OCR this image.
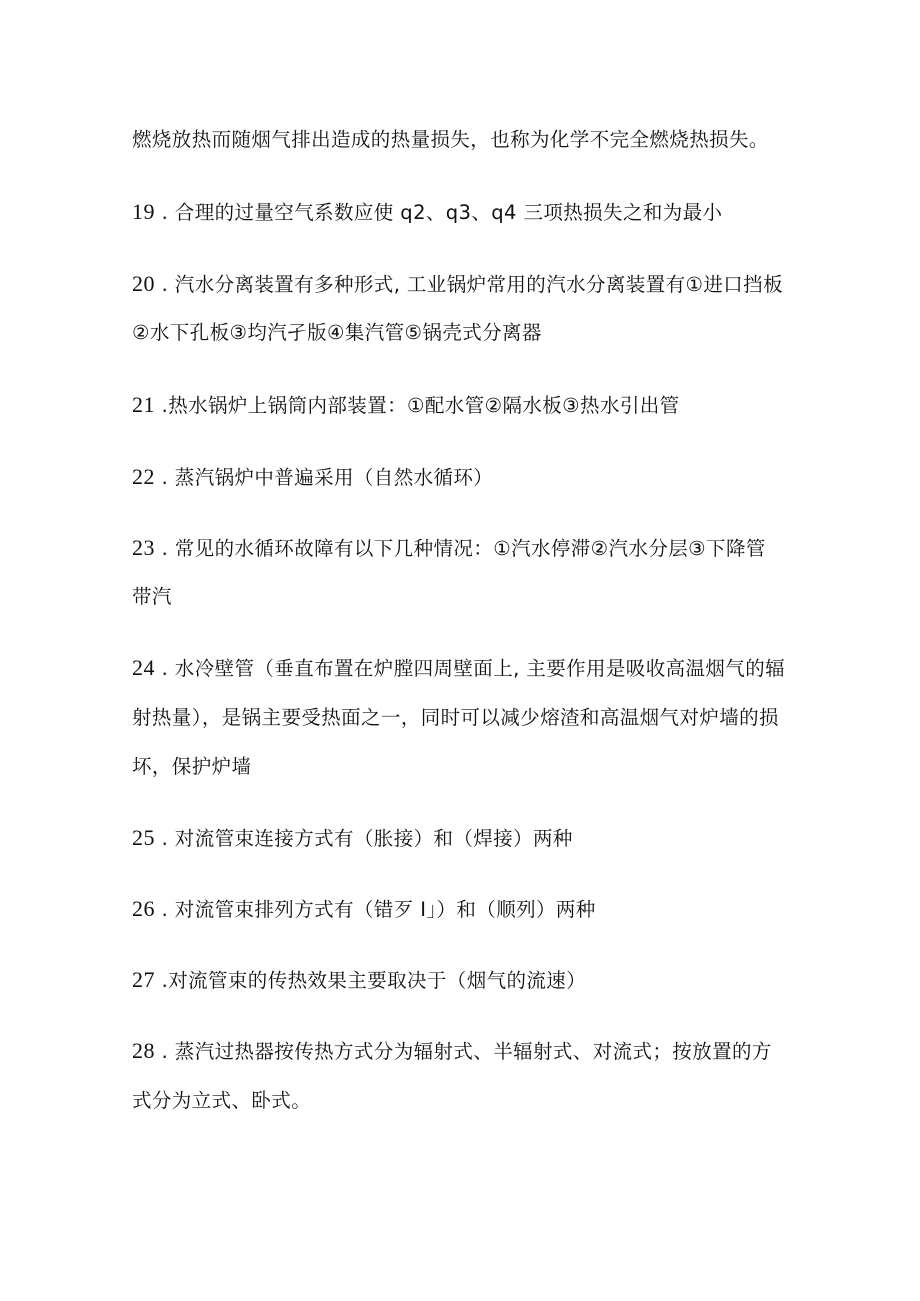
燃烧放热而随烟气排出造成的热量损失，也称为化学不完全燃烧热损失。
19 . 合理的过量空气系数应使 q2、q3、q4 三项热损失之和为最小
20 . 汽水分离装置有多种形式, 工业锅炉常用的汽水分离装置有①进口挡板
②水下孔板③均汽孑版④集汽管⑤锅壳式分离器
21 .热水锅炉上锅筒内部装置：①配水管②隔水板③热水引出管
22 . 蒸汽锅炉中普遍采用（自然水循环）
23 . 常见的水循环故障有以下几种情况：①汽水停滞②汽水分层③下降管
带汽
24 . 水冷壁管（垂直布置在炉膛四周壁面上, 主要作用是吸收高温烟气的辐
射热量），是锅主要受热面之一，同时可以减少熔渣和高温烟气对炉墙的损
坏，保护炉墙
25 . 对流管束连接方式有（胀接）和（焊接）两种
26 . 对流管束排列方式有（错歹 I」）和（顺列）两种
27 .对流管束的传热效果主要取决于（烟气的流速）
28 . 蒸汽过热器按传热方式分为辐射式、半辐射式、对流式；按放置的方
式分为立式、卧式。
